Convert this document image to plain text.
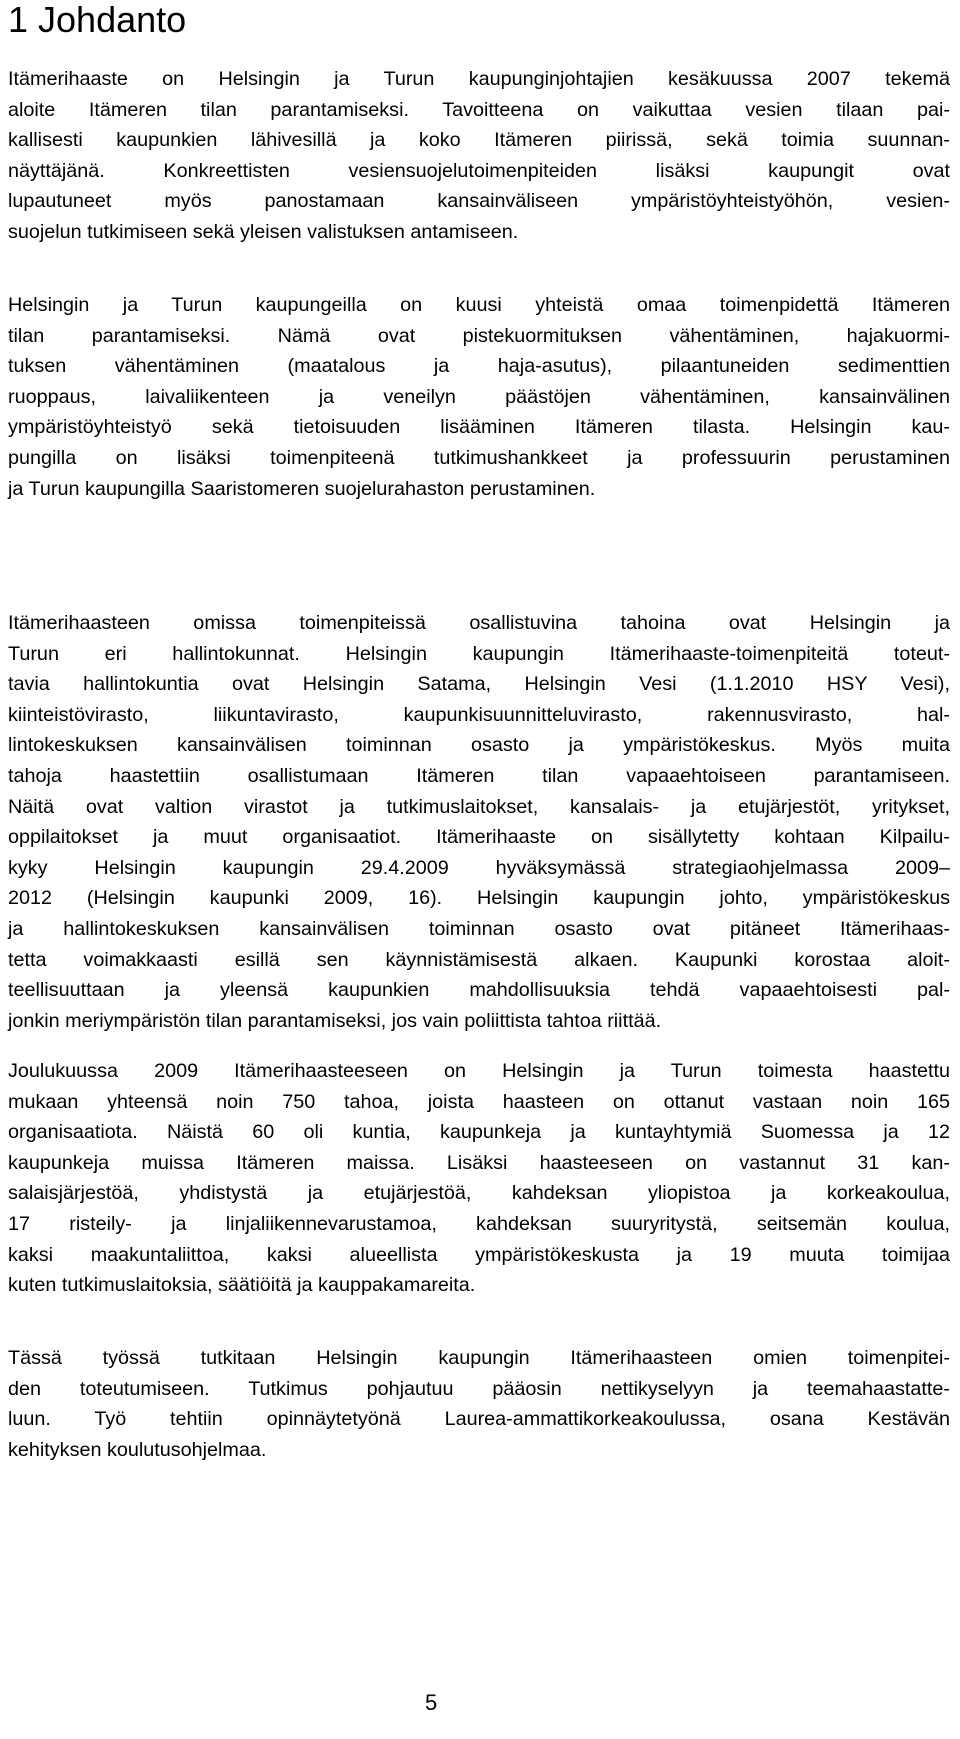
1 Johdanto
Itämerihaaste on Helsingin ja Turun kaupunginjohtajien kesäkuussa 2007 tekemä
aloite Itämeren tilan parantamiseksi. Tavoitteena on vaikuttaa vesien tilaan pai-
kallisesti kaupunkien lähivesillä ja koko Itämeren piirissä, sekä toimia suunnan-
näyttäjänä. Konkreettisten vesiensuojelutoimenpiteiden lisäksi kaupungit ovat
lupautuneet myös panostamaan kansainväliseen ympäristöyhteistyöhön, vesien-
suojelun tutkimiseen sekä yleisen valistuksen antamiseen.
Helsingin ja Turun kaupungeilla on kuusi yhteistä omaa toimenpidettä Itämeren
tilan parantamiseksi. Nämä ovat pistekuormituksen vähentäminen, hajakuormi-
tuksen vähentäminen (maatalous ja haja-asutus), pilaantuneiden sedimenttien
ruoppaus, laivaliikenteen ja veneilyn päästöjen vähentäminen, kansainvälinen
ympäristöyhteistyö sekä tietoisuuden lisääminen Itämeren tilasta. Helsingin kau-
pungilla on lisäksi toimenpiteenä tutkimushankkeet ja professuurin perustaminen
ja Turun kaupungilla Saaristomeren suojelurahaston perustaminen.
Itämerihaasteen omissa toimenpiteissä osallistuvina tahoina ovat Helsingin ja
Turun eri hallintokunnat. Helsingin kaupungin Itämerihaaste-toimenpiteitä toteut-
tavia hallintokuntia ovat Helsingin Satama, Helsingin Vesi (1.1.2010 HSY Vesi),
kiinteistövirasto, liikuntavirasto, kaupunkisuunnitteluvirasto, rakennusvirasto, hal-
lintokeskuksen kansainvälisen toiminnan osasto ja ympäristökeskus. Myös muita
tahoja haastettiin osallistumaan Itämeren tilan vapaaehtoiseen parantamiseen.
Näitä ovat valtion virastot ja tutkimuslaitokset, kansalais- ja etujärjestöt, yritykset,
oppilaitokset ja muut organisaatiot. Itämerihaaste on sisällytetty kohtaan Kilpailu-
kyky Helsingin kaupungin 29.4.2009 hyväksymässä strategiaohjelmassa 2009–
2012 (Helsingin kaupunki 2009, 16). Helsingin kaupungin johto, ympäristökeskus
ja hallintokeskuksen kansainvälisen toiminnan osasto ovat pitäneet Itämerihaas-
tetta voimakkaasti esillä sen käynnistämisestä alkaen. Kaupunki korostaa aloit-
teellisuuttaan ja yleensä kaupunkien mahdollisuuksia tehdä vapaaehtoisesti pal-
jonkin meriympäristön tilan parantamiseksi, jos vain poliittista tahtoa riittää.
Joulukuussa 2009 Itämerihaasteeseen on Helsingin ja Turun toimesta haastettu
mukaan yhteensä noin 750 tahoa, joista haasteen on ottanut vastaan noin 165
organisaatiota. Näistä 60 oli kuntia, kaupunkeja ja kuntayhtymiä Suomessa ja 12
kaupunkeja muissa Itämeren maissa. Lisäksi haasteeseen on vastannut 31 kan-
salaisjärjestöä, yhdistystä ja etujärjestöä, kahdeksan yliopistoa ja korkeakoulua,
17 risteily- ja linjaliikennevarustamoa, kahdeksan suuryritystä, seitsemän koulua,
kaksi maakuntaliittoa, kaksi alueellista ympäristökeskusta ja 19 muuta toimijaa
kuten tutkimuslaitoksia, säätiöitä ja kauppakamareita.
Tässä työssä tutkitaan Helsingin kaupungin Itämerihaasteen omien toimenpitei-
den toteutumiseen. Tutkimus pohjautuu pääosin nettikyselyyn ja teemahaastatte-
luun. Työ tehtiin opinnäytetyönä Laurea-ammattikorkeakoulussa, osana Kestävän
kehityksen koulutusohjelmaa.
5
